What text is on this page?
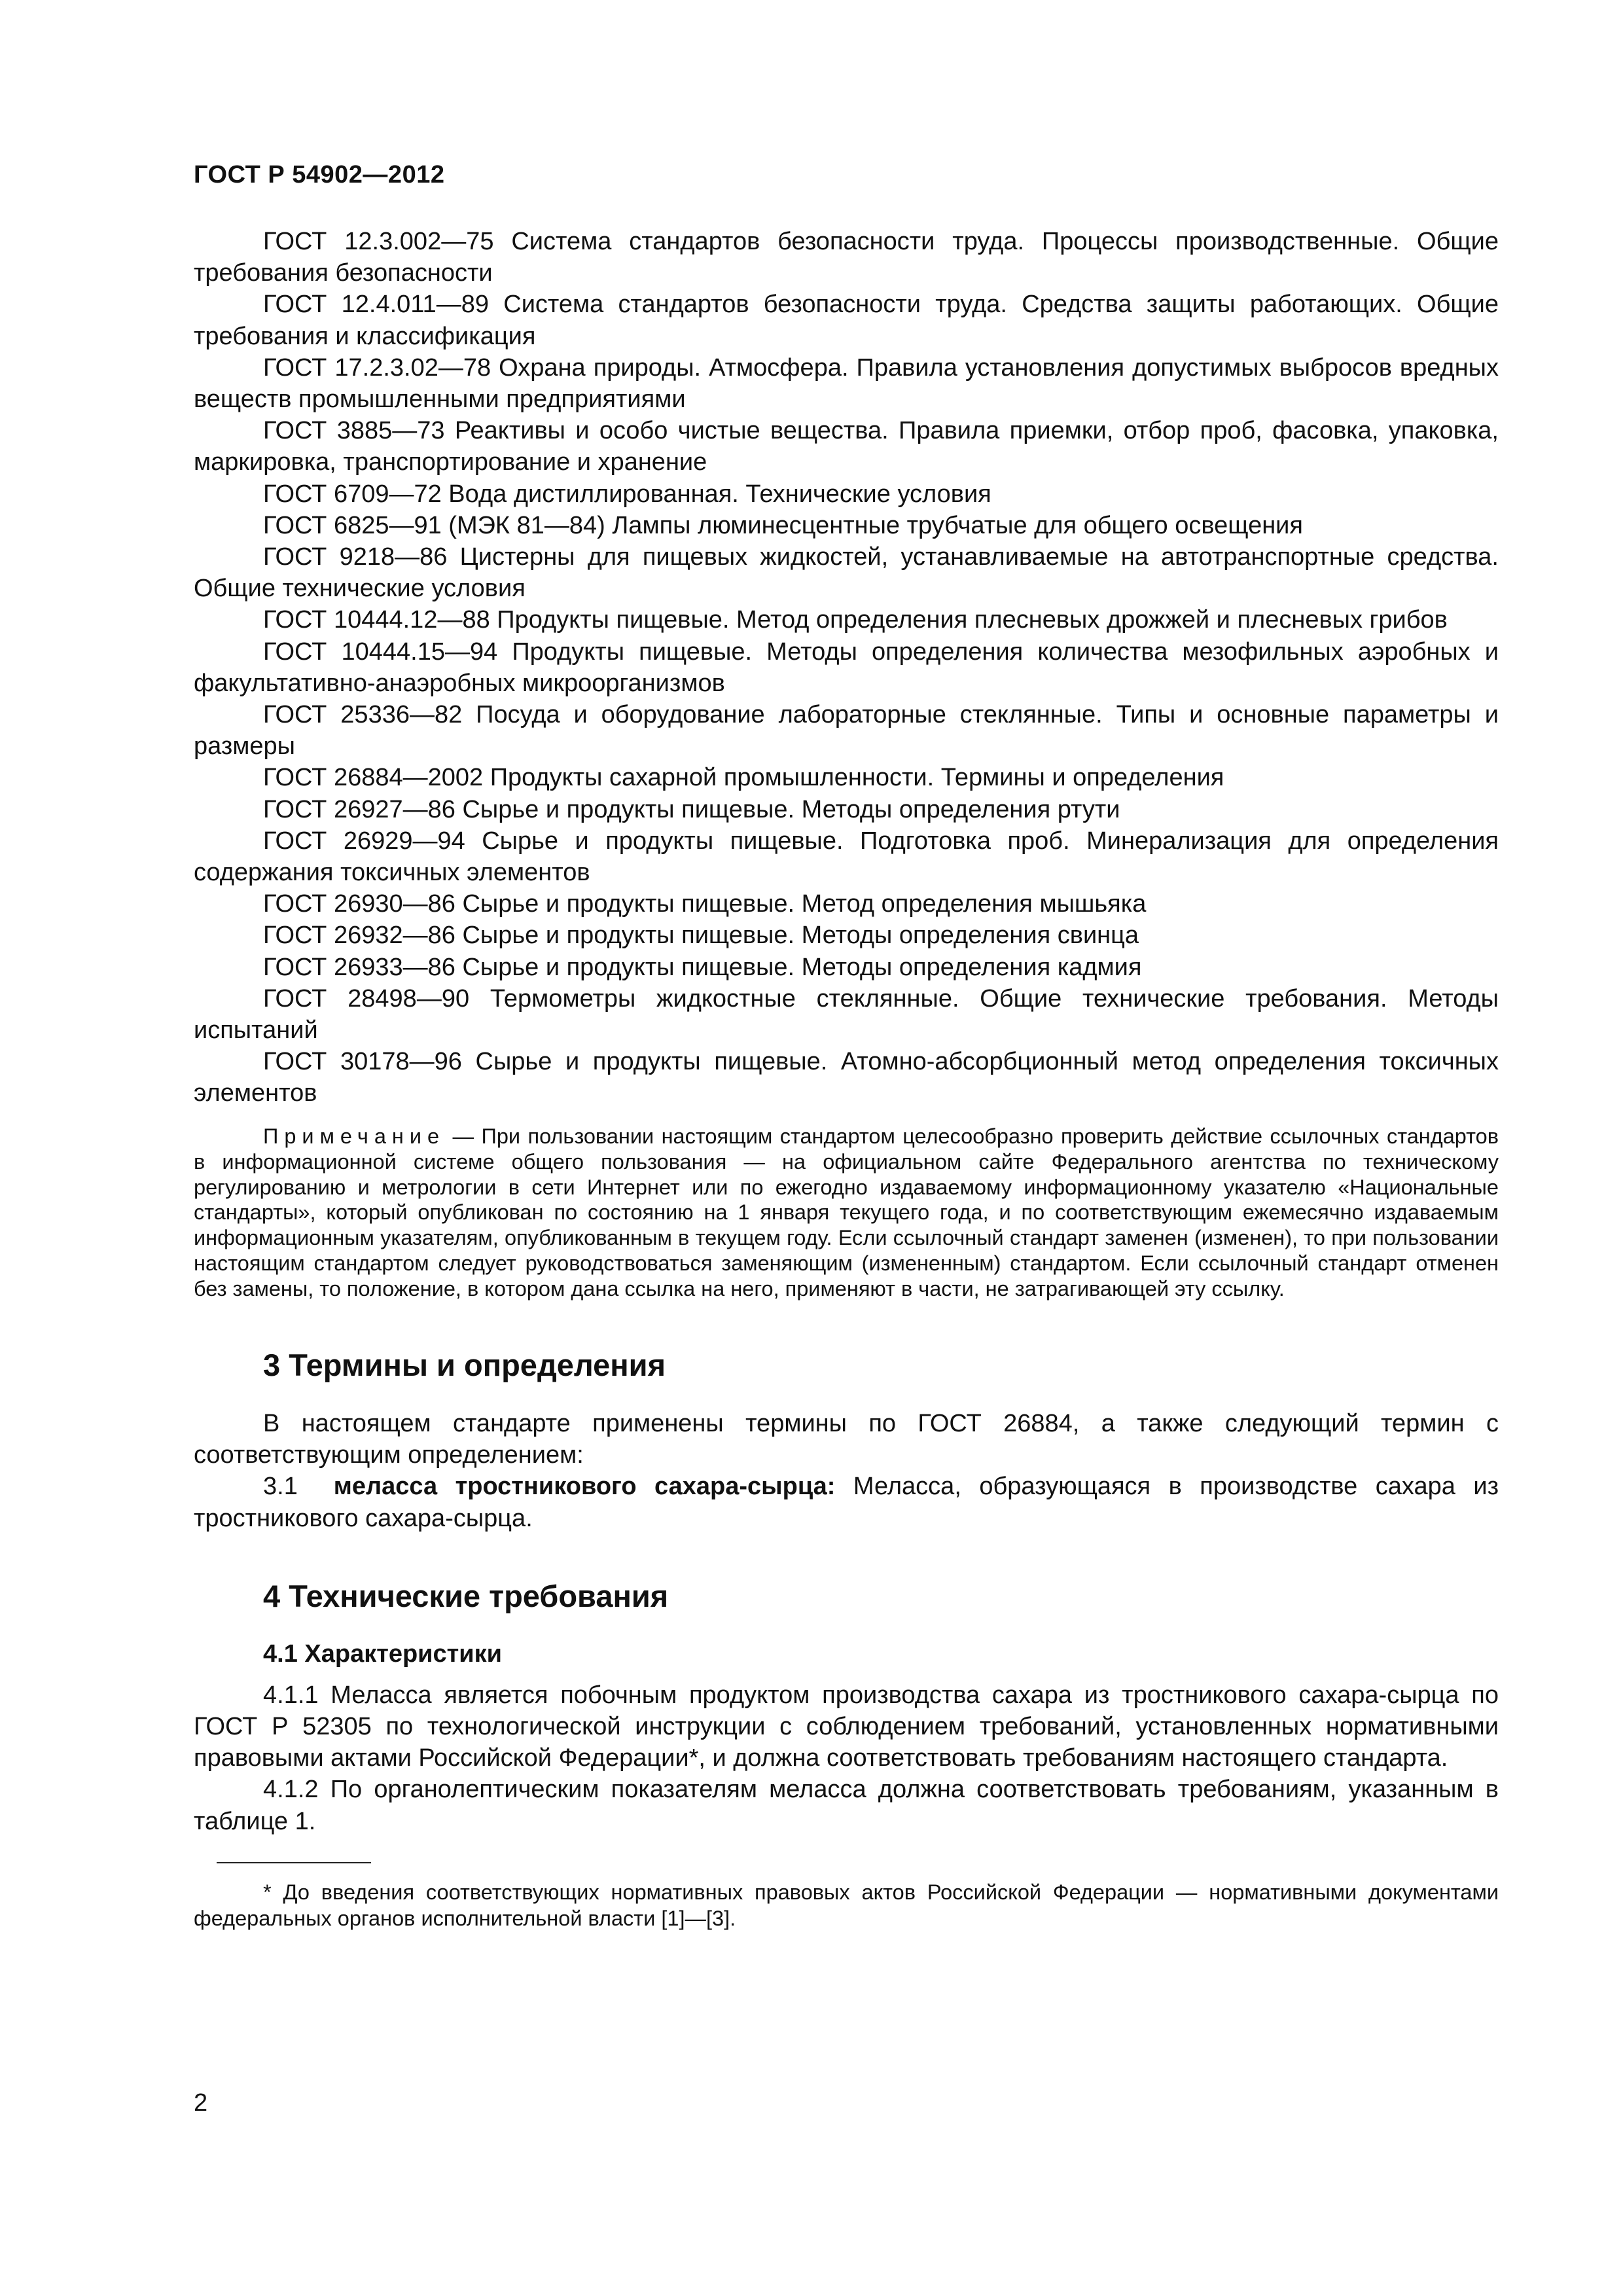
ГОСТ Р 54902—2012

ГОСТ 12.3.002—75 Система стандартов безопасности труда. Процессы производственные. Общие требования безопасности

ГОСТ 12.4.011—89 Система стандартов безопасности труда. Средства защиты работающих. Общие требования и классификация

ГОСТ 17.2.3.02—78 Охрана природы. Атмосфера. Правила установления допустимых выбросов вредных веществ промышленными предприятиями

ГОСТ 3885—73 Реактивы и особо чистые вещества. Правила приемки, отбор проб, фасовка, упаковка, маркировка, транспортирование и хранение

ГОСТ 6709—72 Вода дистиллированная. Технические условия

ГОСТ 6825—91 (МЭК 81—84) Лампы люминесцентные трубчатые для общего освещения

ГОСТ 9218—86 Цистерны для пищевых жидкостей, устанавливаемые на автотранспортные средства. Общие технические условия

ГОСТ 10444.12—88 Продукты пищевые. Метод определения плесневых дрожжей и плесневых грибов

ГОСТ 10444.15—94 Продукты пищевые. Методы определения количества мезофильных аэробных и факультативно-анаэробных микроорганизмов

ГОСТ 25336—82 Посуда и оборудование лабораторные стеклянные. Типы и основные параметры и размеры

ГОСТ 26884—2002 Продукты сахарной промышленности. Термины и определения

ГОСТ 26927—86 Сырье и продукты пищевые. Методы определения ртути

ГОСТ 26929—94 Сырье и продукты пищевые. Подготовка проб. Минерализация для определения содержания токсичных элементов

ГОСТ 26930—86 Сырье и продукты пищевые. Метод определения мышьяка

ГОСТ 26932—86 Сырье и продукты пищевые. Методы определения свинца

ГОСТ 26933—86 Сырье и продукты пищевые. Методы определения кадмия

ГОСТ 28498—90 Термометры жидкостные стеклянные. Общие технические требования. Методы испытаний

ГОСТ 30178—96 Сырье и продукты пищевые. Атомно-абсорбционный метод определения токсичных элементов

Примечание — При пользовании настоящим стандартом целесообразно проверить действие ссылочных стандартов в информационной системе общего пользования — на официальном сайте Федерального агентства по техническому регулированию и метрологии в сети Интернет или по ежегодно издаваемому информационному указателю «Национальные стандарты», который опубликован по состоянию на 1 января текущего года, и по соответствующим ежемесячно издаваемым информационным указателям, опубликованным в текущем году. Если ссылочный стандарт заменен (изменен), то при пользовании настоящим стандартом следует руководствоваться заменяющим (измененным) стандартом. Если ссылочный стандарт отменен без замены, то положение, в котором дана ссылка на него, применяют в части, не затрагивающей эту ссылку.

3 Термины и определения

В настоящем стандарте применены термины по ГОСТ 26884, а также следующий термин с соответствующим определением:

3.1 меласса тростникового сахара-сырца: Меласса, образующаяся в производстве сахара из тростникового сахара-сырца.

4 Технические требования
4.1 Характеристики

4.1.1 Меласса является побочным продуктом производства сахара из тростникового сахара-сырца по ГОСТ Р 52305 по технологической инструкции с соблюдением требований, установленных нормативными правовыми актами Российской Федерации*, и должна соответствовать требованиям настоящего стандарта.

4.1.2 По органолептическим показателям меласса должна соответствовать требованиям, указанным в таблице 1.

* До введения соответствующих нормативных правовых актов Российской Федерации — нормативными документами федеральных органов исполнительной власти [1]—[3].

2
